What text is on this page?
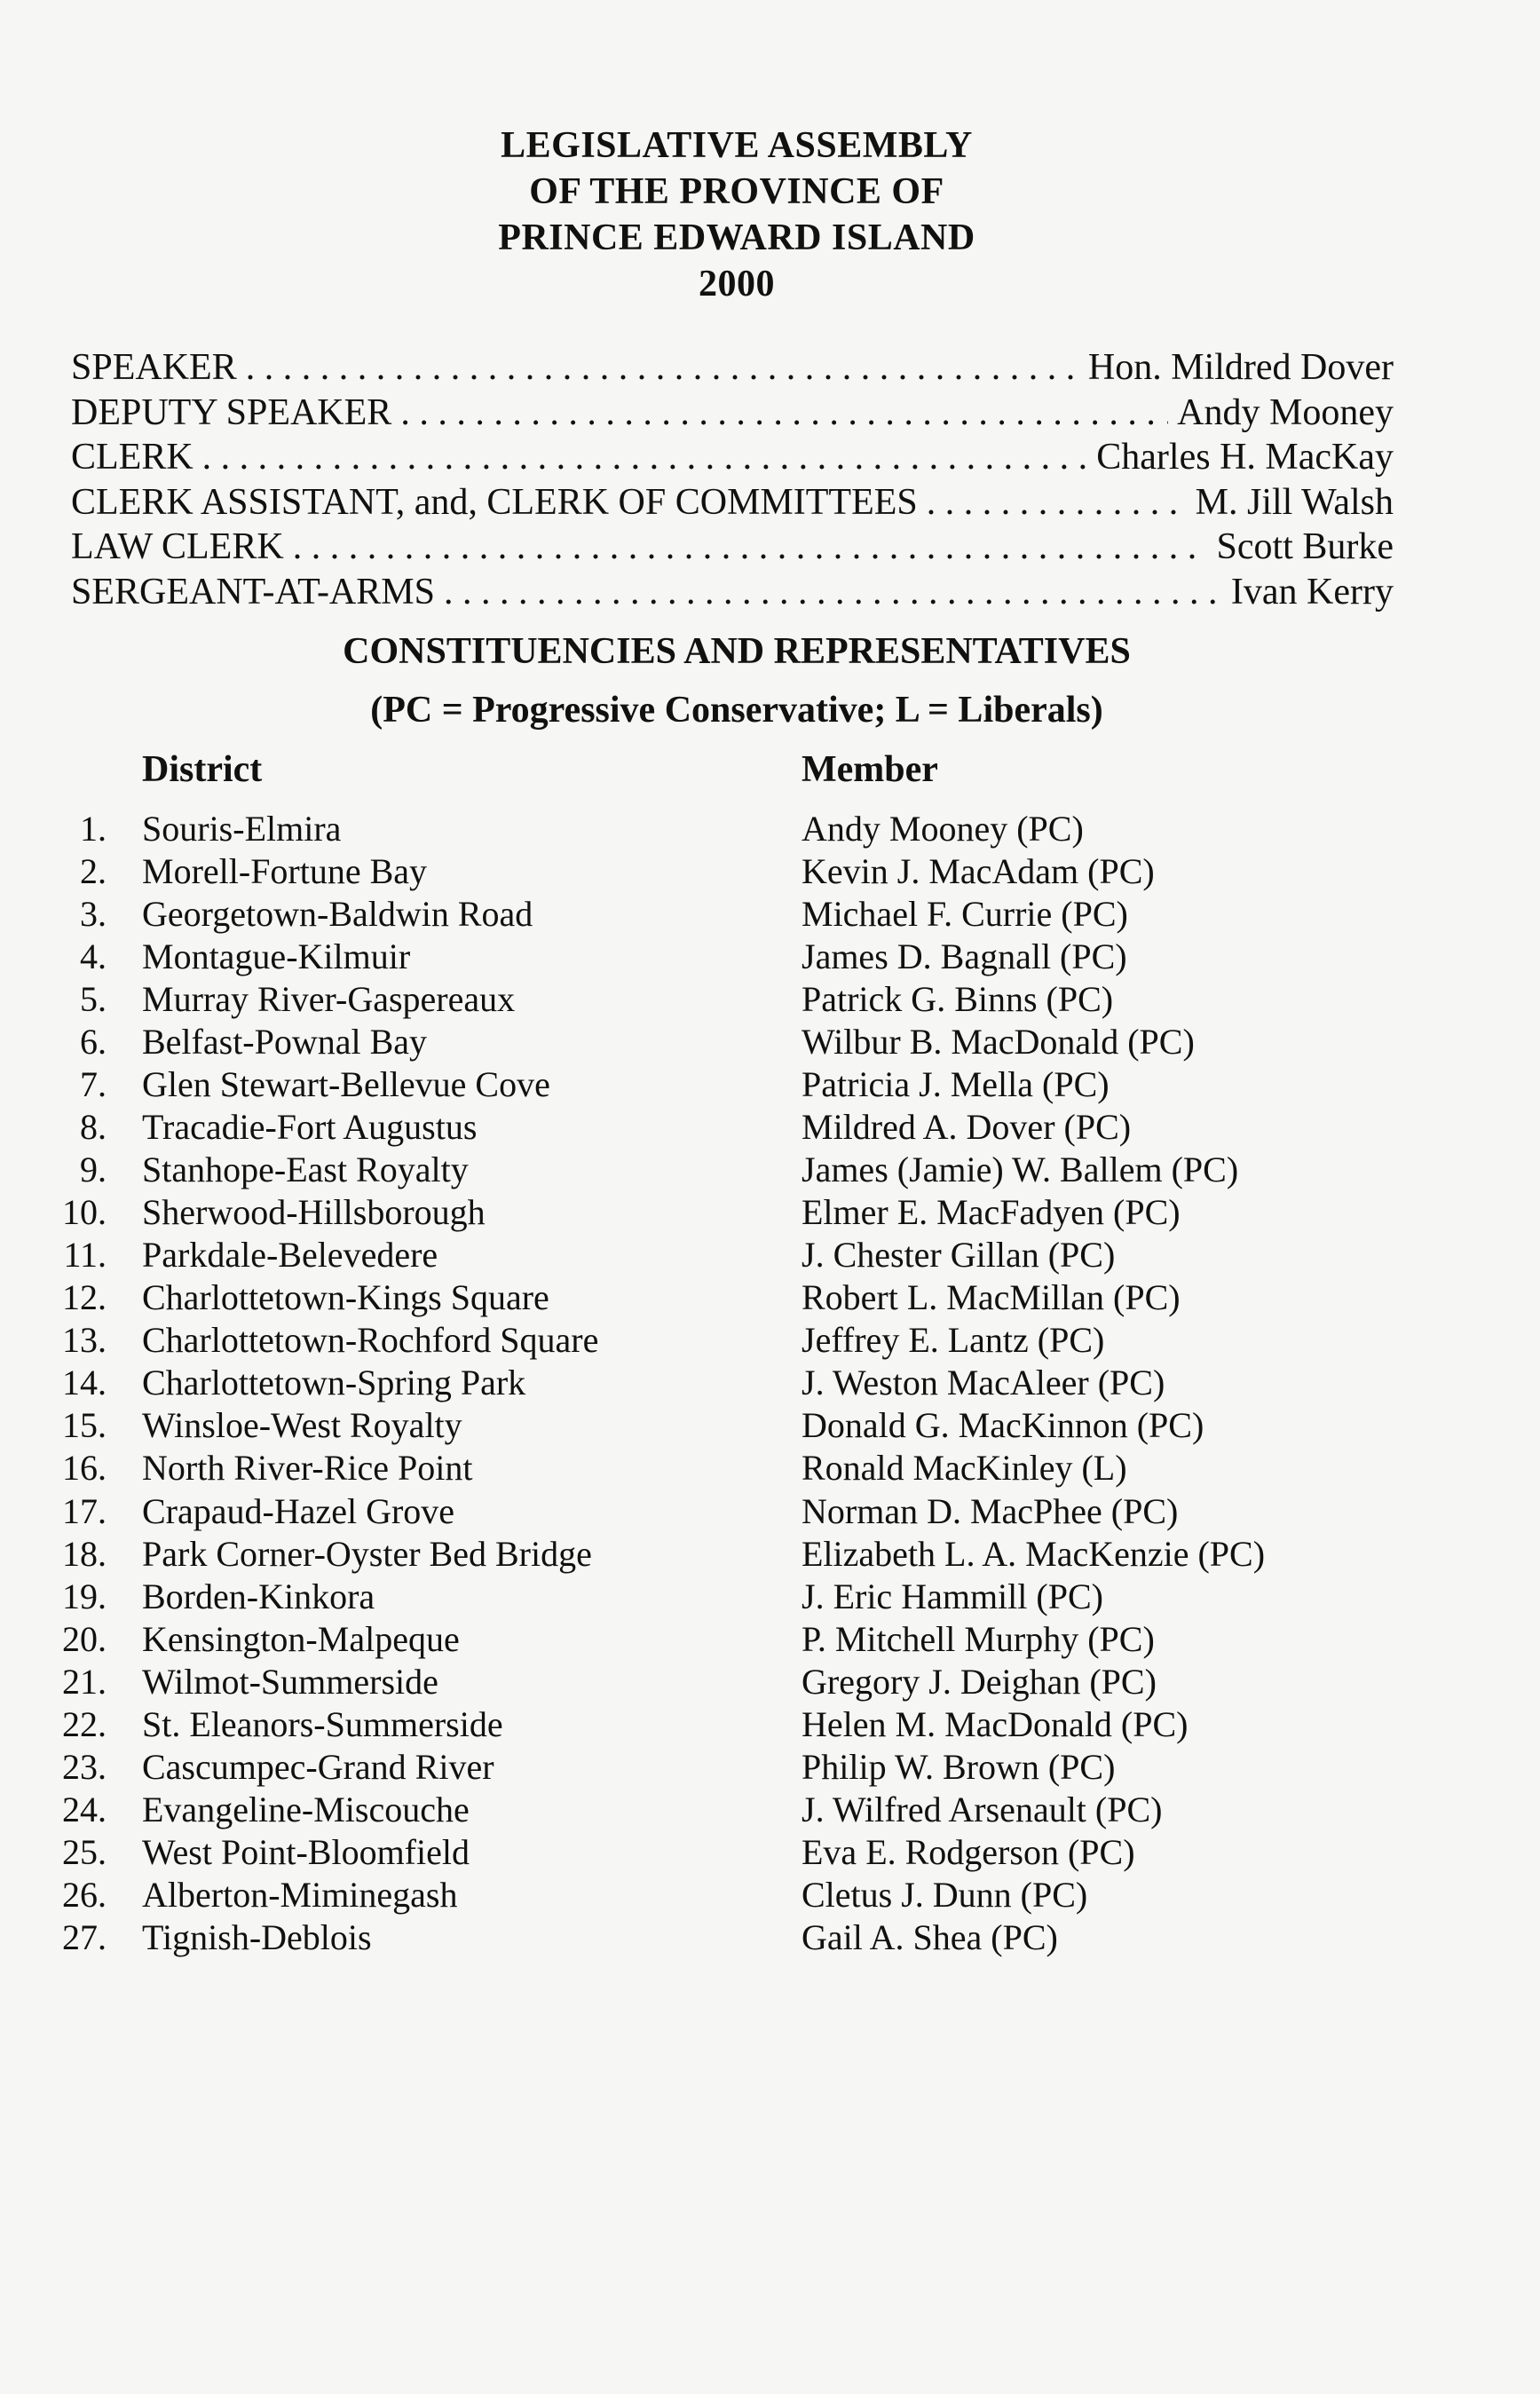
LEGISLATIVE ASSEMBLY
OF THE PROVINCE OF
PRINCE EDWARD ISLAND
2000
SPEAKER . . .	Hon. Mildred Dover
DEPUTY SPEAKER . . .	Andy Mooney
CLERK . . .	Charles H. MacKay
CLERK ASSISTANT, and, CLERK OF COMMITTEES . . .	M. Jill Walsh
LAW CLERK . . .	Scott Burke
SERGEANT-AT-ARMS . . .	Ivan Kerry
CONSTITUENCIES AND REPRESENTATIVES
(PC = Progressive Conservative; L = Liberals)
District	Member
1. Souris-Elmira	Andy Mooney (PC)
2. Morell-Fortune Bay	Kevin J. MacAdam (PC)
3. Georgetown-Baldwin Road	Michael F. Currie (PC)
4. Montague-Kilmuir	James D. Bagnall (PC)
5. Murray River-Gaspereaux	Patrick G. Binns (PC)
6. Belfast-Pownal Bay	Wilbur B. MacDonald (PC)
7. Glen Stewart-Bellevue Cove	Patricia J. Mella (PC)
8. Tracadie-Fort Augustus	Mildred A. Dover (PC)
9. Stanhope-East Royalty	James (Jamie) W. Ballem (PC)
10. Sherwood-Hillsborough	Elmer E. MacFadyen (PC)
11. Parkdale-Belevedere	J. Chester Gillan (PC)
12. Charlottetown-Kings Square	Robert L. MacMillan (PC)
13. Charlottetown-Rochford Square	Jeffrey E. Lantz (PC)
14. Charlottetown-Spring Park	J. Weston MacAleer (PC)
15. Winsloe-West Royalty	Donald G. MacKinnon (PC)
16. North River-Rice Point	Ronald MacKinley (L)
17. Crapaud-Hazel Grove	Norman D. MacPhee (PC)
18. Park Corner-Oyster Bed Bridge	Elizabeth L. A. MacKenzie (PC)
19. Borden-Kinkora	J. Eric Hammill (PC)
20. Kensington-Malpeque	P. Mitchell Murphy (PC)
21. Wilmot-Summerside	Gregory J. Deighan (PC)
22. St. Eleanors-Summerside	Helen M. MacDonald (PC)
23. Cascumpec-Grand River	Philip W. Brown (PC)
24. Evangeline-Miscouche	J. Wilfred Arsenault (PC)
25. West Point-Bloomfield	Eva E. Rodgerson (PC)
26. Alberton-Miminegash	Cletus J. Dunn (PC)
27. Tignish-Deblois	Gail A. Shea (PC)
